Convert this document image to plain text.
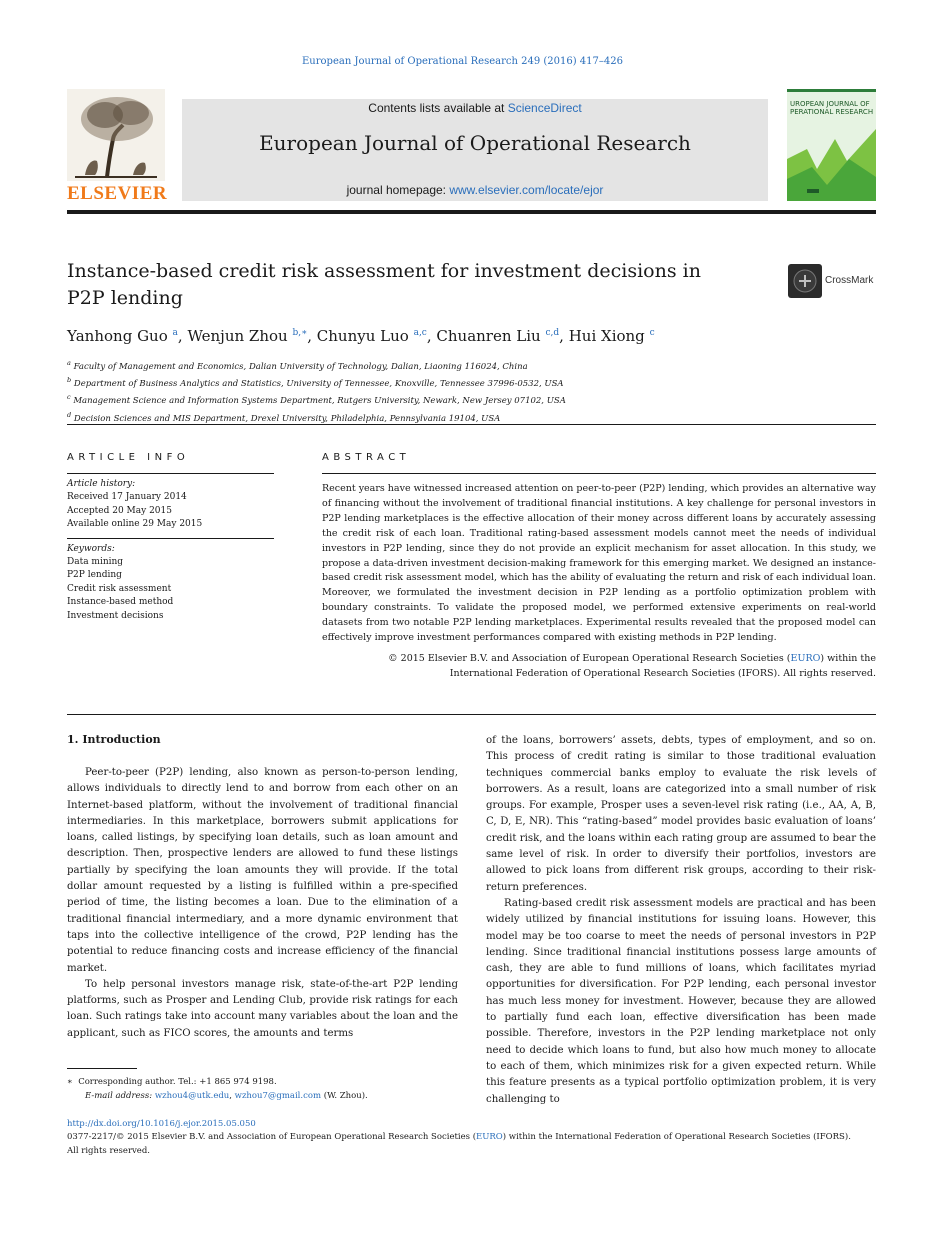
European Journal of Operational Research 249 (2016) 417–426
ELSEVIER
Contents lists available at ScienceDirect
European Journal of Operational Research
journal homepage: www.elsevier.com/locate/ejor
UROPEAN JOURNAL OF
PERATIONAL RESEARCH
Instance-based credit risk assessment for investment decisions in P2P lending
CrossMark
Yanhong Guo $^a$, Wenjun Zhou $^{b,∗}$, Chunyu Luo $^{a,c}$, Chuanren Liu $^{c,d}$, Hui Xiong $^c$
$^a$ Faculty of Management and Economics, Dalian University of Technology, Dalian, Liaoning 116024, China
$^b$ Department of Business Analytics and Statistics, University of Tennessee, Knoxville, Tennessee 37996-0532, USA
$^c$ Management Science and Information Systems Department, Rutgers University, Newark, New Jersey 07102, USA
$^d$ Decision Sciences and MIS Department, Drexel University, Philadelphia, Pennsylvania 19104, USA
ARTICLE INFO
Article history:
Received 17 January 2014
Accepted 20 May 2015
Available online 29 May 2015
Keywords:
Data mining
P2P lending
Credit risk assessment
Instance-based method
Investment decisions
ABSTRACT
Recent years have witnessed increased attention on peer-to-peer (P2P) lending, which provides an alternative way of financing without the involvement of traditional financial institutions. A key challenge for personal investors in P2P lending marketplaces is the effective allocation of their money across different loans by accurately assessing the credit risk of each loan. Traditional rating-based assessment models cannot meet the needs of individual investors in P2P lending, since they do not provide an explicit mechanism for asset allocation. In this study, we propose a data-driven investment decision-making framework for this emerging market. We designed an instance-based credit risk assessment model, which has the ability of evaluating the return and risk of each individual loan. Moreover, we formulated the investment decision in P2P lending as a portfolio optimization problem with boundary constraints. To validate the proposed model, we performed extensive experiments on real-world datasets from two notable P2P lending marketplaces. Experimental results revealed that the proposed model can effectively improve investment performances compared with existing methods in P2P lending.
© 2015 Elsevier B.V. and Association of European Operational Research Societies (EURO) within the
International Federation of Operational Research Societies (IFORS). All rights reserved.
1. Introduction

Peer-to-peer (P2P) lending, also known as person-to-person lending, allows individuals to directly lend to and borrow from each other on an Internet-based platform, without the involvement of traditional financial intermediaries. In this marketplace, borrowers submit applications for loans, called listings, by specifying loan details, such as loan amount and description. Then, prospective lenders are allowed to fund these listings partially by specifying the loan amounts they will provide. If the total dollar amount requested by a listing is fulfilled within a pre-specified period of time, the listing becomes a loan. Due to the elimination of a traditional financial intermediary, and a more dynamic environment that taps into the collective intelligence of the crowd, P2P lending has the potential to reduce financing costs and increase efficiency of the financial market.

To help personal investors manage risk, state-of-the-art P2P lending platforms, such as Prosper and Lending Club, provide risk ratings for each loan. Such ratings take into account many variables about the loan and the applicant, such as FICO scores, the amounts and terms

of the loans, borrowers’ assets, debts, types of employment, and so on. This process of credit rating is similar to those traditional evaluation techniques commercial banks employ to evaluate the risk levels of borrowers. As a result, loans are categorized into a small number of risk groups. For example, Prosper uses a seven-level risk rating (i.e., AA, A, B, C, D, E, NR). This “rating-based” model provides basic evaluation of loans’ credit risk, and the loans within each rating group are assumed to bear the same level of risk. In order to diversify their portfolios, investors are allowed to pick loans from different risk groups, according to their risk-return preferences.

Rating-based credit risk assessment models are practical and has been widely utilized by financial institutions for issuing loans. However, this model may be too coarse to meet the needs of personal investors in P2P lending. Since traditional financial institutions possess large amounts of cash, they are able to fund millions of loans, which facilitates myriad opportunities for diversification. For P2P lending, each personal investor has much less money for investment. However, because they are allowed to partially fund each loan, effective diversification has been made possible. Therefore, investors in the P2P lending marketplace not only need to decide which loans to fund, but also how much money to allocate to each of them, which minimizes risk for a given expected return. While this feature presents as a typical portfolio optimization problem, it is very challenging to

∗ Corresponding author. Tel.: +1 865 974 9198.
E-mail address: wzhou4@utk.edu, wzhou7@gmail.com (W. Zhou).
http://dx.doi.org/10.1016/j.ejor.2015.05.050
0377-2217/© 2015 Elsevier B.V. and Association of European Operational Research Societies (EURO) within the International Federation of Operational Research Societies (IFORS).
All rights reserved.
